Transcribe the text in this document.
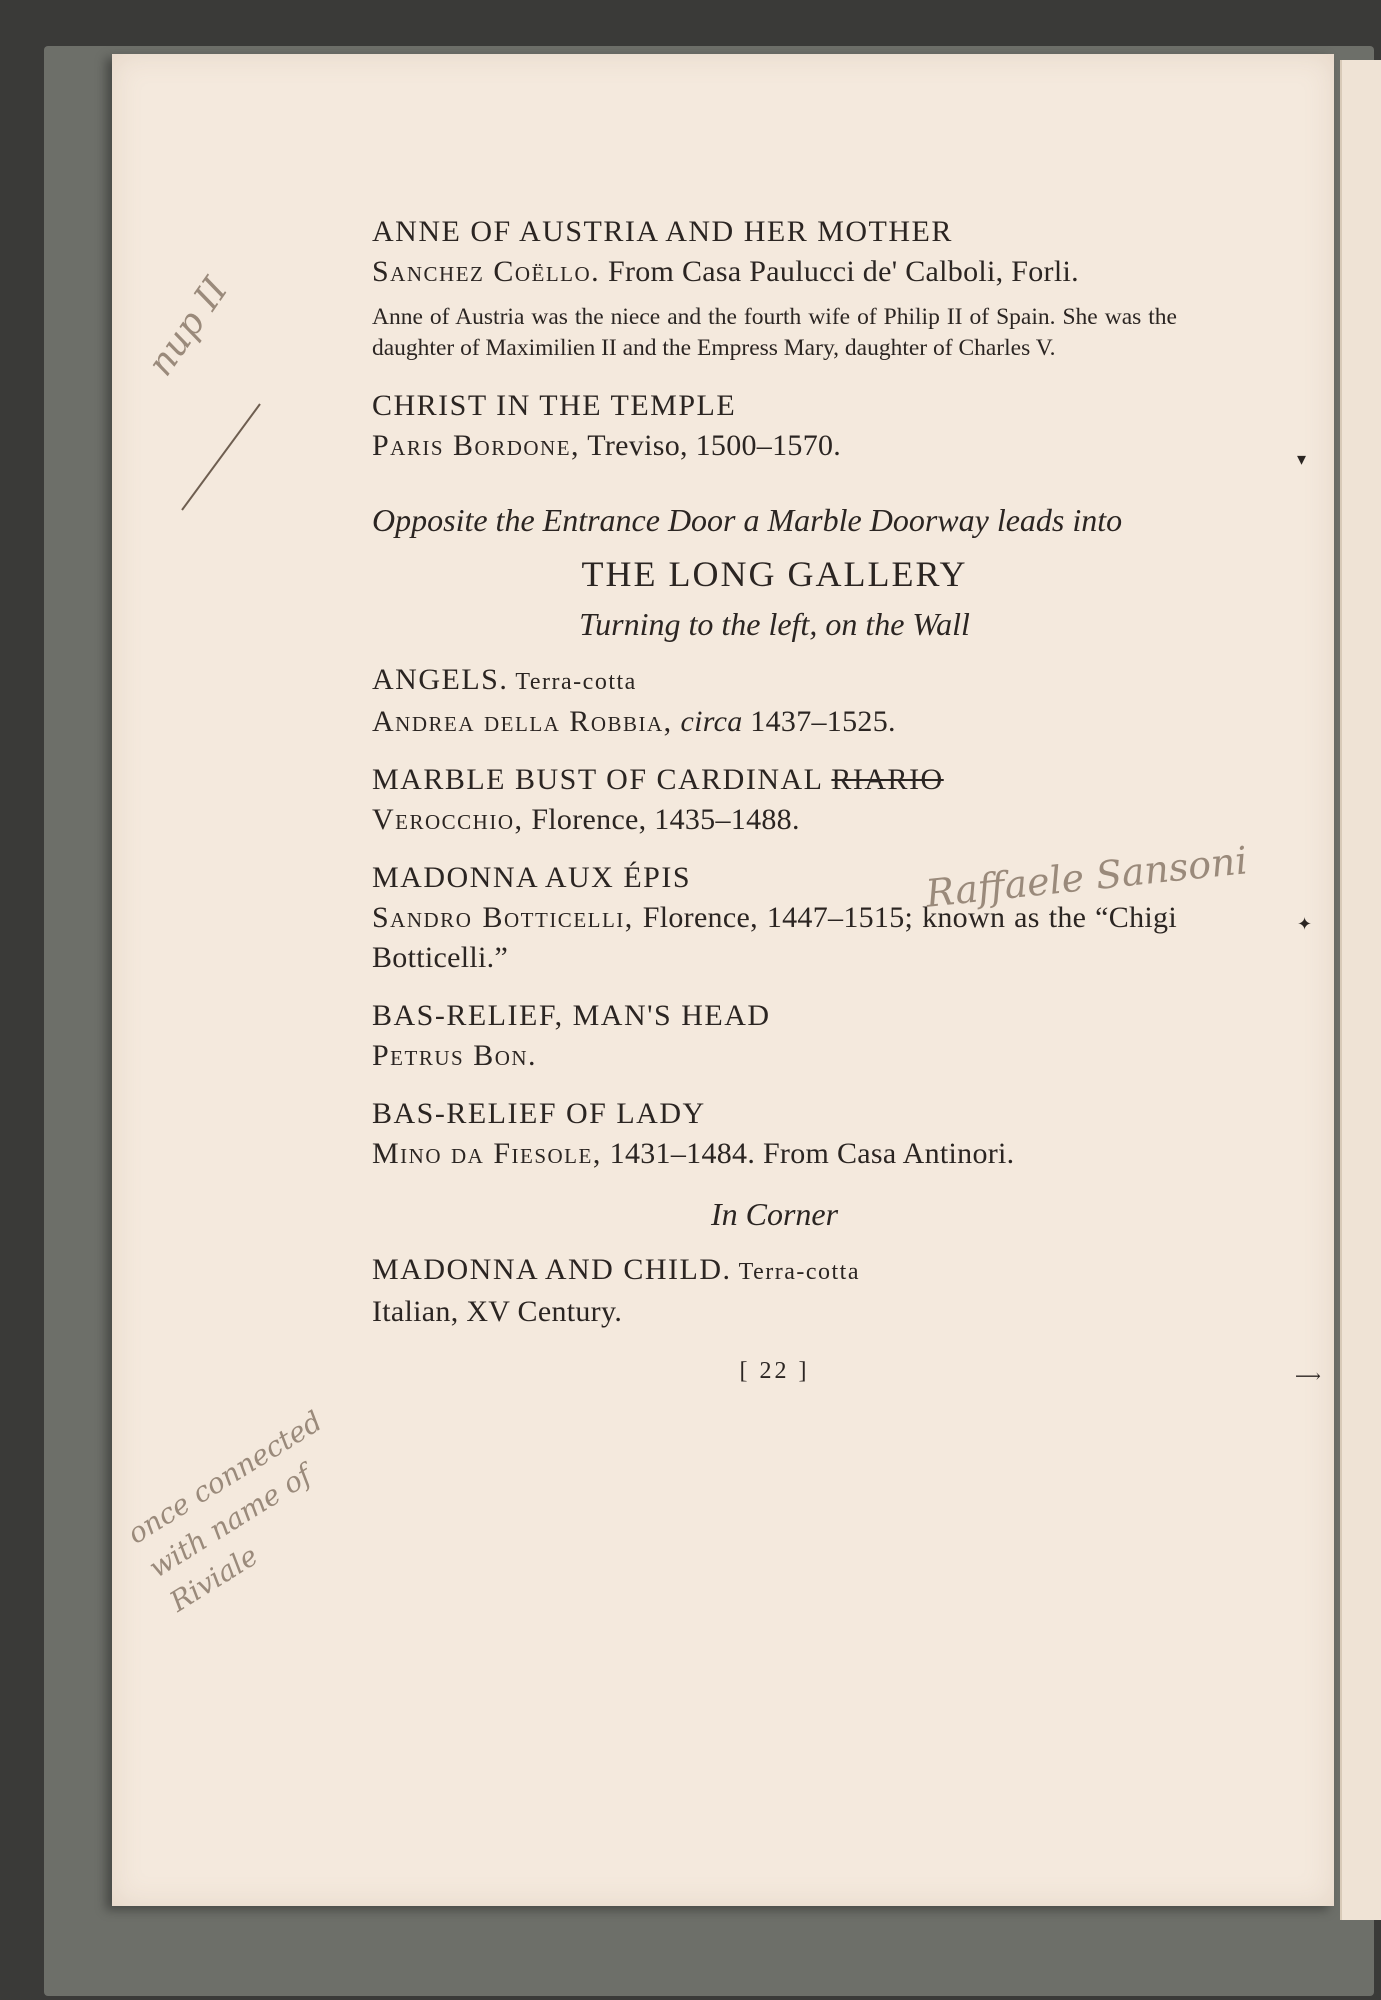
▾
✦
⟶

ANNE OF AUSTRIA AND HER MOTHER

Sanchez Coëllo. From Casa Paulucci de' Calboli, Forli.

Anne of Austria was the niece and the fourth wife of Philip II of Spain. She was the daughter of Maximilien II and the Empress Mary, daughter of Charles V.

CHRIST IN THE TEMPLE

Paris Bordone, Treviso, 1500–1570.

Opposite the Entrance Door a Marble Doorway leads into

THE LONG GALLERY

Turning to the left, on the Wall

ANGELS. Terra-cotta

Andrea della Robbia, circa 1437–1525.

MARBLE BUST OF CARDINAL RIARIO

Verocchio, Florence, 1435–1488.

MADONNA AUX ÉPIS

Sandro Botticelli, Florence, 1447–1515; known as the “Chigi Botticelli.”

BAS-RELIEF, MAN'S HEAD

Petrus Bon.

BAS-RELIEF OF LADY

Mino da Fiesole, 1431–1484. From Casa Antinori.

In Corner

MADONNA AND CHILD. Terra-cotta

Italian, XV Century.

[ 22 ]

nup II
Raffaele Sansoni
once connected with name of Riviale
